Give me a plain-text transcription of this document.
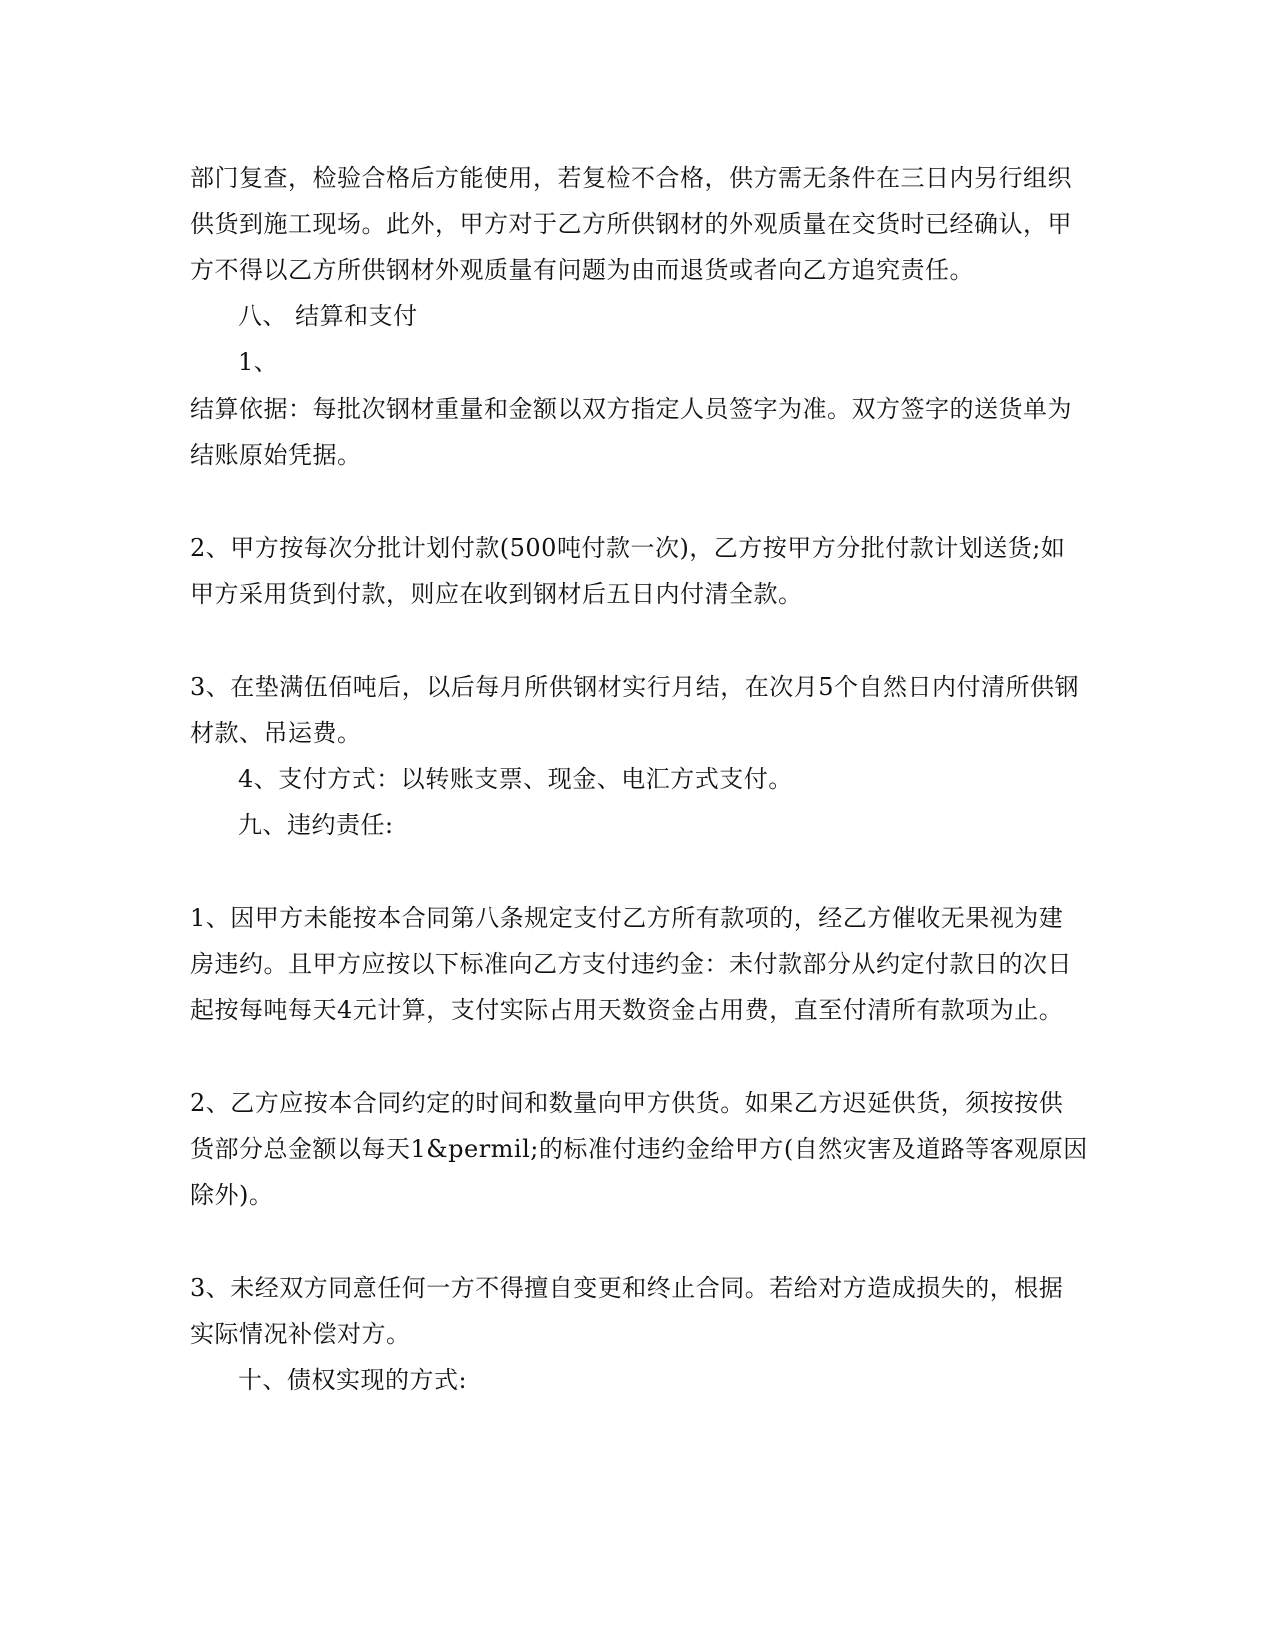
部门复查，检验合格后方能使用，若复检不合格，供方需无条件在三日内另行组织
供货到施工现场。此外，甲方对于乙方所供钢材的外观质量在交货时已经确认，甲
方不得以乙方所供钢材外观质量有问题为由而退货或者向乙方追究责任。
八、 结算和支付
1、
结算依据：每批次钢材重量和金额以双方指定人员签字为准。双方签字的送货单为
结账原始凭据。
2、甲方按每次分批计划付款(500吨付款一次)，乙方按甲方分批付款计划送货;如
甲方采用货到付款，则应在收到钢材后五日内付清全款。
3、在垫满伍佰吨后，以后每月所供钢材实行月结，在次月5个自然日内付清所供钢
材款、吊运费。
4、支付方式：以转账支票、现金、电汇方式支付。
九、违约责任:
1、因甲方未能按本合同第八条规定支付乙方所有款项的，经乙方催收无果视为建
房违约。且甲方应按以下标准向乙方支付违约金：未付款部分从约定付款日的次日
起按每吨每天4元计算，支付实际占用天数资金占用费，直至付清所有款项为止。
2、乙方应按本合同约定的时间和数量向甲方供货。如果乙方迟延供货，须按按供
货部分总金额以每天1&permil;的标准付违约金给甲方(自然灾害及道路等客观原因
除外)。
3、未经双方同意任何一方不得擅自变更和终止合同。若给对方造成损失的，根据
实际情况补偿对方。
十、债权实现的方式:
